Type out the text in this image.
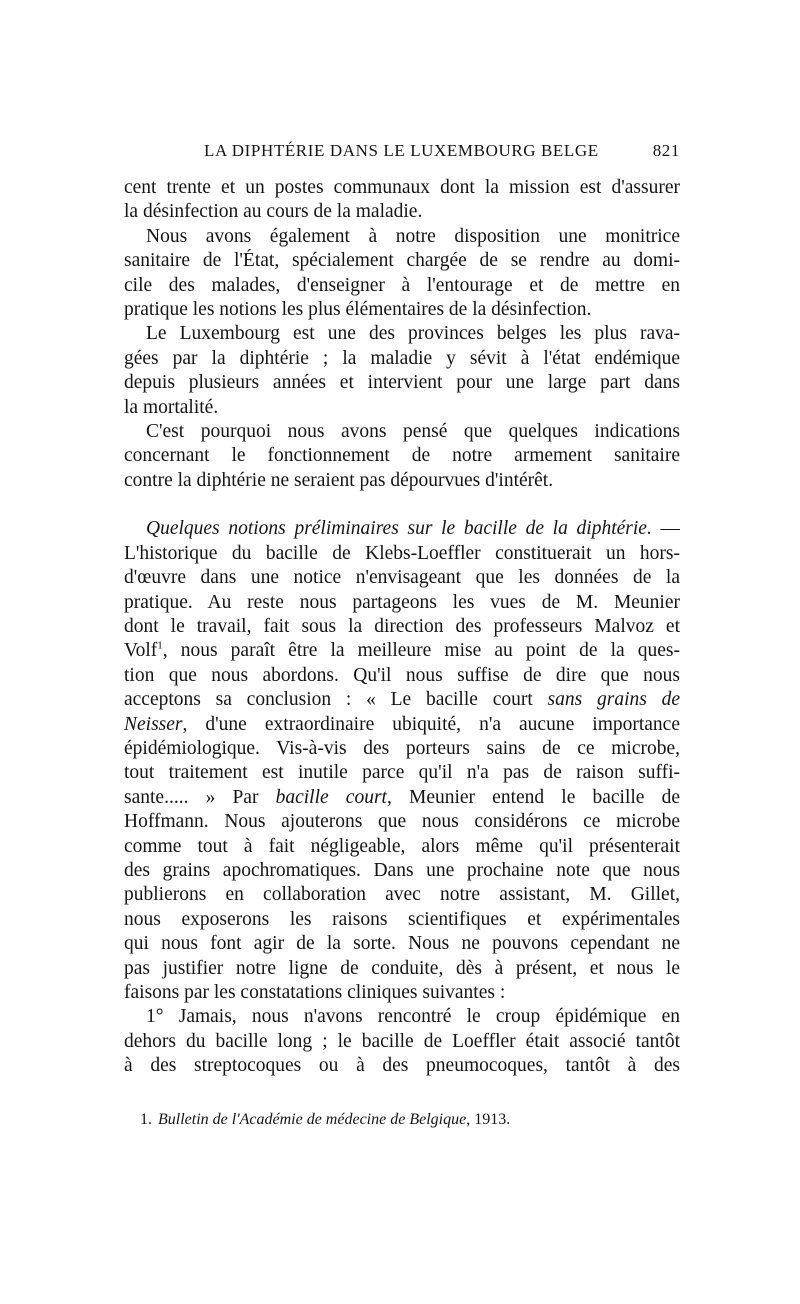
LA DIPHTÉRIE DANS LE LUXEMBOURG BELGE	821
cent trente et un postes communaux dont la mission est d'assurer
la désinfection au cours de la maladie.
Nous avons également à notre disposition une monitrice
sanitaire de l'État, spécialement chargée de se rendre au domi-
cile des malades, d'enseigner à l'entourage et de mettre en
pratique les notions les plus élémentaires de la désinfection.
Le Luxembourg est une des provinces belges les plus rava-
gées par la diphtérie ; la maladie y sévit à l'état endémique
depuis plusieurs années et intervient pour une large part dans
la mortalité.
C'est pourquoi nous avons pensé que quelques indications
concernant le fonctionnement de notre armement sanitaire
contre la diphtérie ne seraient pas dépourvues d'intérêt.
Quelques notions préliminaires sur le bacille de la diphtérie. —
L'historique du bacille de Klebs-Loeffler constituerait un hors-
d'œuvre dans une notice n'envisageant que les données de la
pratique. Au reste nous partageons les vues de M. Meunier
dont le travail, fait sous la direction des professeurs Malvoz et
Volf$^1$, nous paraît être la meilleure mise au point de la ques-
tion que nous abordons. Qu'il nous suffise de dire que nous
acceptons sa conclusion : « Le bacille court sans grains de
Neisser, d'une extraordinaire ubiquité, n'a aucune importance
épidémiologique. Vis-à-vis des porteurs sains de ce microbe,
tout traitement est inutile parce qu'il n'a pas de raison suffi-
sante..... » Par bacille court, Meunier entend le bacille de
Hoffmann. Nous ajouterons que nous considérons ce microbe
comme tout à fait négligeable, alors même qu'il présenterait
des grains apochromatiques. Dans une prochaine note que nous
publierons en collaboration avec notre assistant, M. Gillet,
nous exposerons les raisons scientifiques et expérimentales
qui nous font agir de la sorte. Nous ne pouvons cependant ne
pas justifier notre ligne de conduite, dès à présent, et nous le
faisons par les constatations cliniques suivantes :
1° Jamais, nous n'avons rencontré le croup épidémique en
dehors du bacille long ; le bacille de Loeffler était associé tantôt
à des streptocoques ou à des pneumocoques, tantôt à des
1. Bulletin de l'Académie de médecine de Belgique, 1913.
